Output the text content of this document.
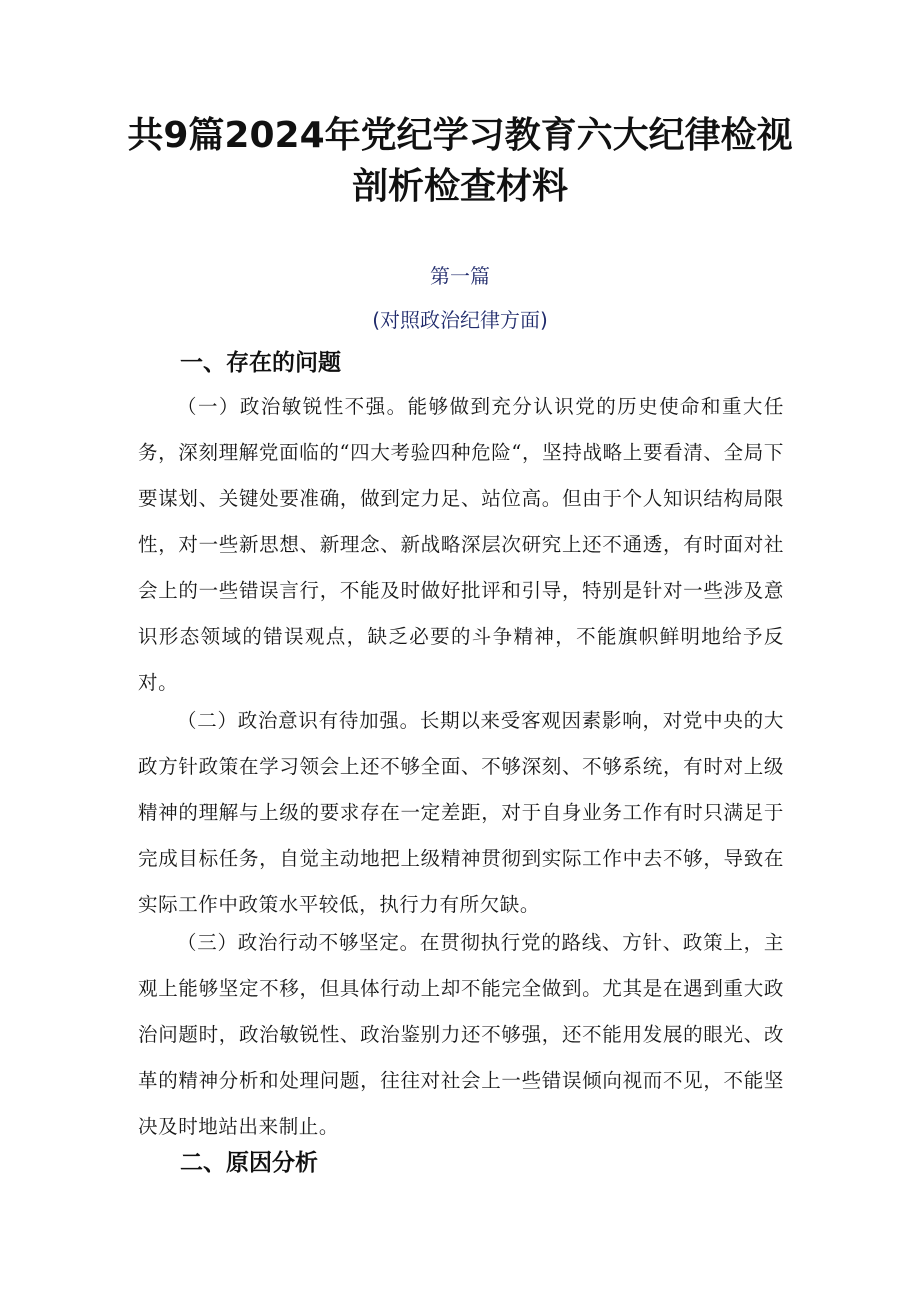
共9篇2024年党纪学习教育六大纪律检视
剖析检查材料
第一篇
(对照政治纪律方面)
一、存在的问题

（一）政治敏锐性不强。能够做到充分认识党的历史使命和重大任务，深刻理解党面临的“四大考验四种危险“，坚持战略上要看清、全局下要谋划、关键处要准确，做到定力足、站位高。但由于个人知识结构局限性，对一些新思想、新理念、新战略深层次研究上还不通透，有时面对社会上的一些错误言行，不能及时做好批评和引导，特别是针对一些涉及意识形态领域的错误观点，缺乏必要的斗争精神，不能旗帜鲜明地给予反对。

（二）政治意识有待加强。长期以来受客观因素影响，对党中央的大政方针政策在学习领会上还不够全面、不够深刻、不够系统，有时对上级精神的理解与上级的要求存在一定差距，对于自身业务工作有时只满足于完成目标任务，自觉主动地把上级精神贯彻到实际工作中去不够，导致在实际工作中政策水平较低，执行力有所欠缺。

（三）政治行动不够坚定。在贯彻执行党的路线、方针、政策上，主观上能够坚定不移，但具体行动上却不能完全做到。尤其是在遇到重大政治问题时，政治敏锐性、政治鉴别力还不够强，还不能用发展的眼光、改革的精神分析和处理问题，往往对社会上一些错误倾向视而不见，不能坚决及时地站出来制止。

二、原因分析
